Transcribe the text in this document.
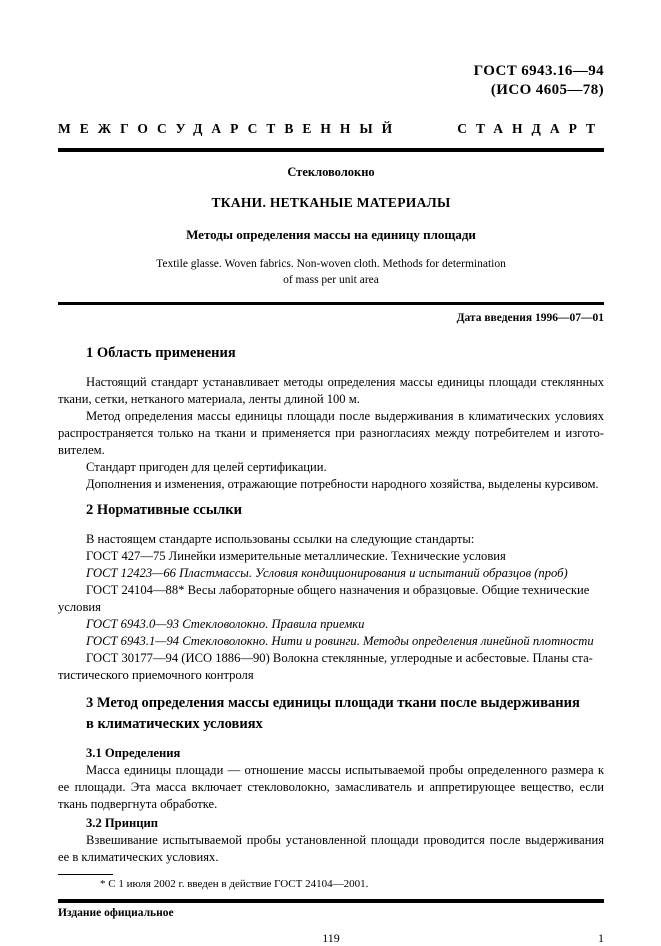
ГОСТ 6943.16—94
(ИСО 4605—78)
МЕЖГОСУДАРСТВЕННЫЙ СТАНДАРТ
Стекловолокно
ТКАНИ. НЕТКАНЫЕ МАТЕРИАЛЫ
Методы определения массы на единицу площади
Textile glasse. Woven fabrics. Non-woven cloth. Methods for determination
of mass per unit area
Дата введения 1996—07—01
1 Область применения

Настоящий стандарт устанавливает методы определения массы единицы площади стеклянных ткани, сетки, нетканого материала, ленты длиной 100 м.

Метод определения массы единицы площади после выдерживания в климатических условиях распространяется только на ткани и применяется при разногласиях между потребителем и изготовителем.

Стандарт пригоден для целей сертификации.

Дополнения и изменения, отражающие потребности народного хозяйства, выделены курсивом.

2 Нормативные ссылки

В настоящем стандарте использованы ссылки на следующие стандарты:

ГОСТ 427—75 Линейки измерительные металлические. Технические условия

ГОСТ 12423—66 Пластмассы. Условия кондиционирования и испытаний образцов (проб)

ГОСТ 24104—88* Весы лабораторные общего назначения и образцовые. Общие технические условия

ГОСТ 6943.0—93 Стекловолокно. Правила приемки

ГОСТ 6943.1—94 Стекловолокно. Нити и ровинги. Методы определения линейной плотности

ГОСТ 30177—94 (ИСО 1886—90) Волокна стеклянные, углеродные и асбестовые. Планы статистического приемочного контроля

3 Метод определения массы единицы площади ткани после выдерживания
в климатических условиях
3.1 Определения

Масса единицы площади — отношение массы испытываемой пробы определенного размера к ее площади. Эта масса включает стекловолокно, замасливатель и аппретирующее вещество, если ткань подвергнута обработке.

3.2 Принцип

Взвешивание испытываемой пробы установленной площади проводится после выдерживания ее в климатических условиях.

* С 1 июля 2002 г. введен в действие ГОСТ 24104—2001.

Издание официальное
119	1
